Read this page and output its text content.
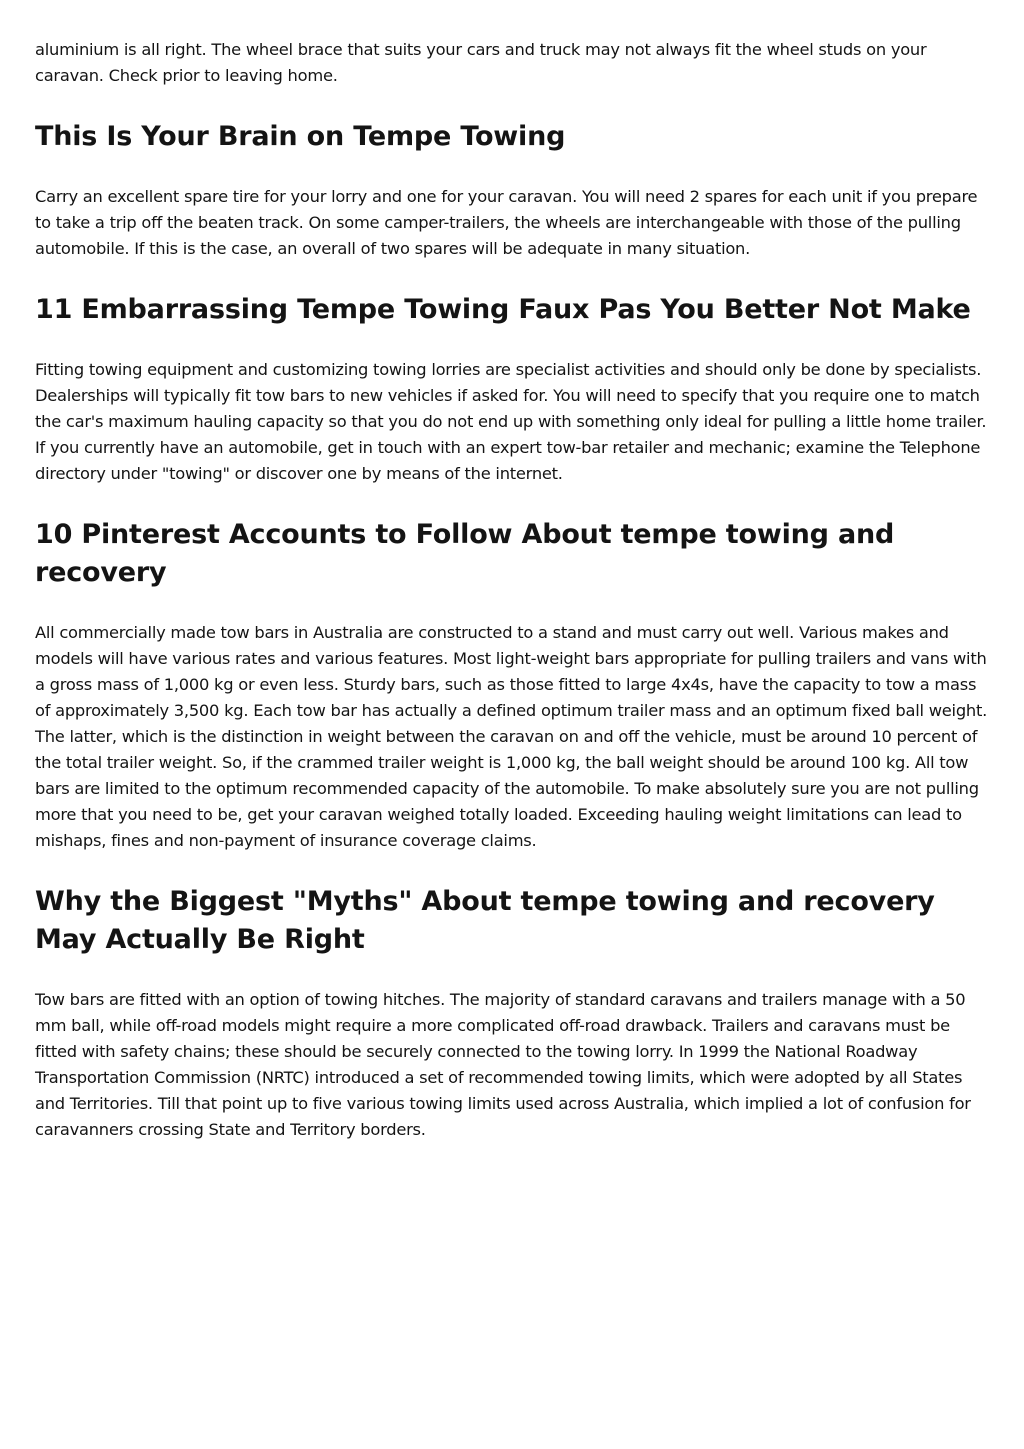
aluminium is all right. The wheel brace that suits your cars and truck may not always fit the wheel studs on your caravan. Check prior to leaving home.

This Is Your Brain on Tempe Towing

Carry an excellent spare tire for your lorry and one for your caravan. You will need 2 spares for each unit if you prepare to take a trip off the beaten track. On some camper-trailers, the wheels are interchangeable with those of the pulling automobile. If this is the case, an overall of two spares will be adequate in many situation.

11 Embarrassing Tempe Towing Faux Pas You Better Not Make

Fitting towing equipment and customizing towing lorries are specialist activities and should only be done by specialists. Dealerships will typically fit tow bars to new vehicles if asked for. You will need to specify that you require one to match the car's maximum hauling capacity so that you do not end up with something only ideal for pulling a little home trailer. If you currently have an automobile, get in touch with an expert tow-bar retailer and mechanic; examine the Telephone directory under "towing" or discover one by means of the internet.

10 Pinterest Accounts to Follow About tempe towing and recovery

All commercially made tow bars in Australia are constructed to a stand and must carry out well. Various makes and models will have various rates and various features. Most light-weight bars appropriate for pulling trailers and vans with a gross mass of 1,000 kg or even less. Sturdy bars, such as those fitted to large 4x4s, have the capacity to tow a mass of approximately 3,500 kg. Each tow bar has actually a defined optimum trailer mass and an optimum fixed ball weight. The latter, which is the distinction in weight between the caravan on and off the vehicle, must be around 10 percent of the total trailer weight. So, if the crammed trailer weight is 1,000 kg, the ball weight should be around 100 kg. All tow bars are limited to the optimum recommended capacity of the automobile. To make absolutely sure you are not pulling more that you need to be, get your caravan weighed totally loaded. Exceeding hauling weight limitations can lead to mishaps, fines and non-payment of insurance coverage claims.

Why the Biggest "Myths" About tempe towing and recovery May Actually Be Right

Tow bars are fitted with an option of towing hitches. The majority of standard caravans and trailers manage with a 50 mm ball, while off-road models might require a more complicated off-road drawback. Trailers and caravans must be fitted with safety chains; these should be securely connected to the towing lorry. In 1999 the National Roadway Transportation Commission (NRTC) introduced a set of recommended towing limits, which were adopted by all States and Territories. Till that point up to five various towing limits used across Australia, which implied a lot of confusion for caravanners crossing State and Territory borders.
